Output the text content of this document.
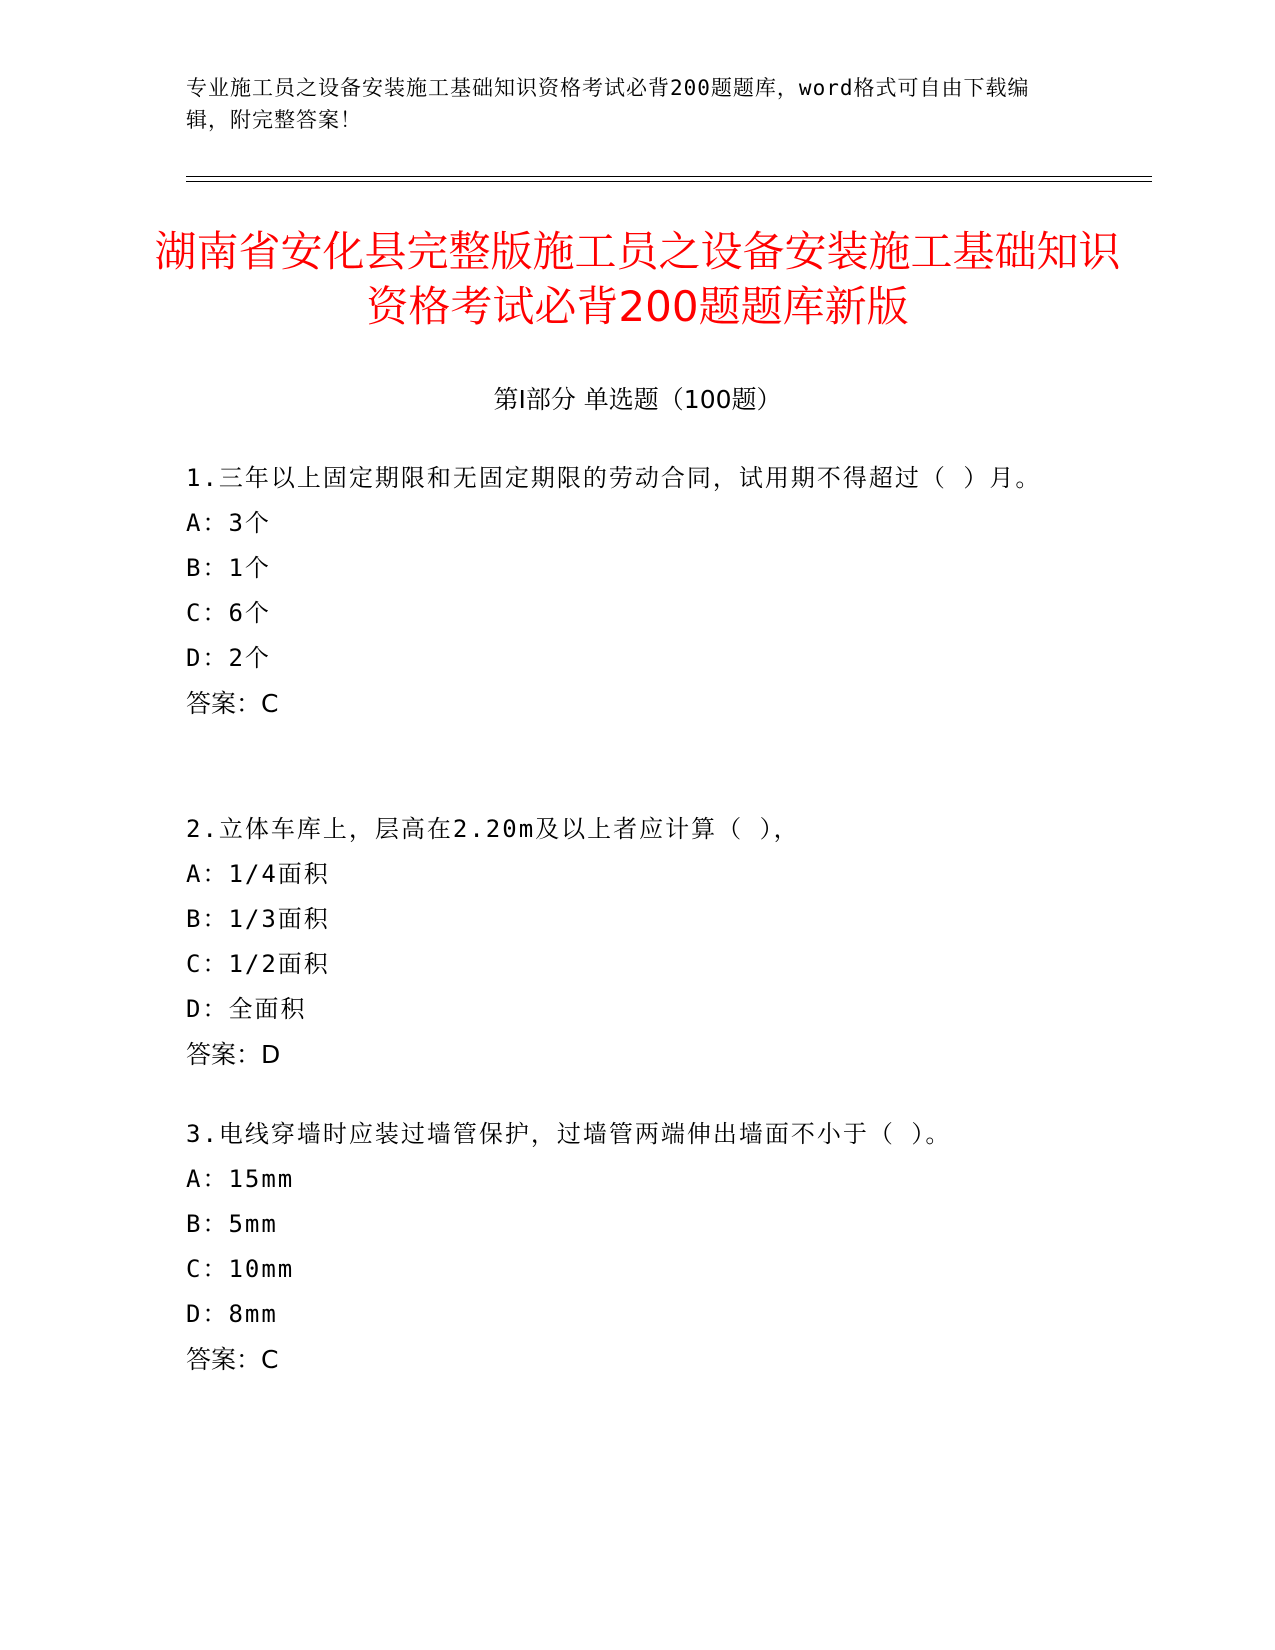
专业施工员之设备安装施工基础知识资格考试必背200题题库，word格式可自由下载编辑，附完整答案！
湖南省安化县完整版施工员之设备安装施工基础知识资格考试必背200题题库新版
第I部分 单选题（100题）
1.三年以上固定期限和无固定期限的劳动合同，试用期不得超过（ ）月。
A：3个
B：1个
C：6个
D：2个
答案：C
2.立体车库上，层高在2.20m及以上者应计算（ ），
A：1/4面积
B：1/3面积
C：1/2面积
D：全面积
答案：D
3.电线穿墙时应装过墙管保护，过墙管两端伸出墙面不小于（ ）。
A：15mm
B：5mm
C：10mm
D：8mm
答案：C
